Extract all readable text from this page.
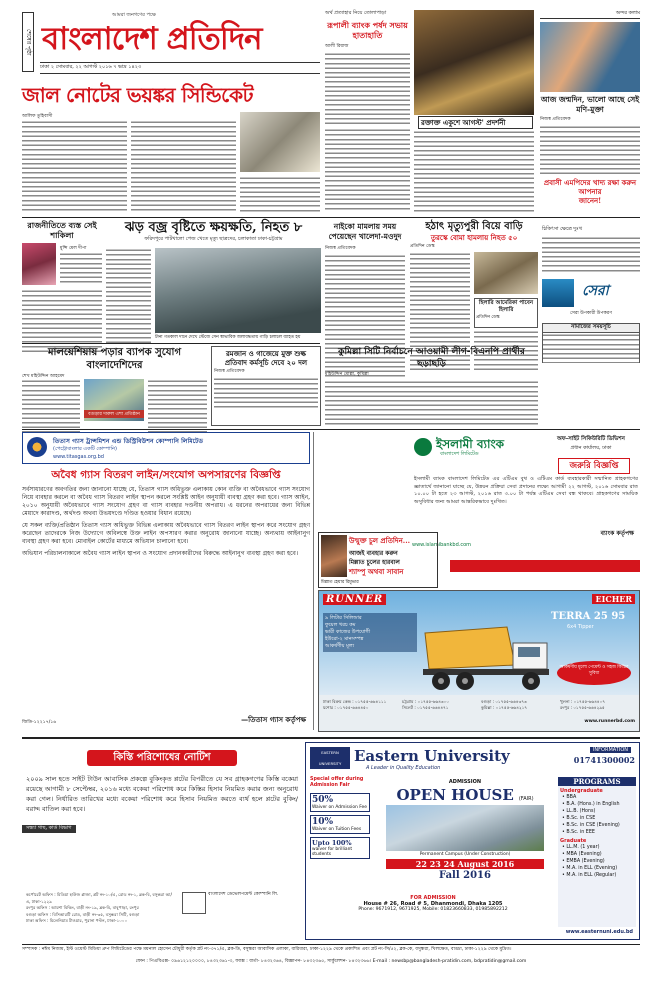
শেষের পৃষ্ঠা
আমরা জনগণের পক্ষে
বাংলাদেশ প্রতিদিন
ঢাকা ২ সোমবার, ২২ আগস্ট ২০১৬ ৭ ভাদ্র ১৪২৩
অর্থ প্রত্যাহার নিয়ে তোলাপাড়া
রূপালী ব্যাংক পর্ষদ সভায় হাতাহাতি
আলী রিয়াজ
রক্তাক্ত একুশে আগস্ট' প্রদর্শনী
অন্দর কলাম
আজ জন্মদিন, ভালো আছে সেই মণি-মুক্তা
নিজস্ব প্রতিবেদক
প্রবাসী এমপিদের খাদ্য রক্ষা করুন আপনার
জানেন!
জাল নোটের ভয়ঙ্কর সিন্ডিকেট
আলিফ তুহিবাসী
রাজনীতিতে ব্যস্ত সেই শাকিলা
মুন্সি মেল দীপা
ঝড় বজ্র বৃষ্টিতে ক্ষয়ক্ষতি, নিহত ৮
ফরিদপুরে পাটখালো পেজ খেতে মৃত্যু ছাত্রদের, চলাকাতা ঢাকা-চট্টগ্রাম
টানা গতকাল দানে দেখে স্টেজে সেন স্বাভাবিক জলাবদ্ধতায় গাড়ি চলাচল ব্যাহত হয়
নাইকো মামলায় সময় পেয়েছেন খালেদা-মওদুদ
নিজস্ব প্রতিবেদক
হঠাৎ মৃত্যুপুরী বিয়ে বাড়ি
তুরস্কে বোমা হামলায় নিহত ৫০
প্রতিদিন ডেস্ক
হিলারি আমেরিকা পাবেন হিলারি
প্রতিদিন ডেস্ক
চিকিৎসা ক্ষেত্রে দুঃখ
সেরা
সেরা উপকারী উপকরণ
নামাজের সময়সূচি
মালয়েশিয়ায় পড়ার ব্যাপক সুযোগ বাংলাদেশিদের
শেখ মহিউদ্দিন আহমেদ
বগুড়ার দারুল এশা প্রতিষ্ঠান
রমজান ও গাজেয়ে মুক্ত শুল্ক প্রতিবাদ কর্মসূচি দেবে ২০ দল
নিজস্ব প্রতিবেদক
কুমিল্লা সিটি নির্বাচনে আওয়ামী লীগ-বিএনপি প্রার্থীর ছড়াছড়ি
মহিউদ্দিন মোল্লা, কুমিল্লা
তিতাস গ্যাস ট্রান্সমিশন এন্ড ডিস্ট্রিবিউশন কোম্পানি লিমিটেড
(পেট্রোবাংলার একটি কোম্পানি)
www.titasgas.org.bd
অবৈধ গ্যাস বিতরণ লাইন/সংযোগ অপসারণের বিজ্ঞপ্তি
সর্বসাধারণের অবগতির জন্য জানানো যাচ্ছে যে, তিতাস গ্যাস অধিভুক্ত এলাকায় কোন ব্যক্তি বা অবৈধভাবে গ্যাস সংযোগ নিয়ে ব্যবহার করলে বা অবৈধ গ্যাস বিতরণ লাইন স্থাপন করলে সংশ্লিষ্ট আইন অনুযায়ী ব্যবস্থা গ্রহণ করা হবে। গ্যাস আইন, ২০১০ অনুযায়ী অবৈধভাবে গ্যাস সংযোগ গ্রহণ বা গ্যাস ব্যবহার দণ্ডনীয় অপরাধ। এ ধরনের অপরাধের জন্য বিভিন্ন মেয়াদে কারাদণ্ড, অর্থদণ্ড অথবা উভয়দণ্ডে দণ্ডিত হওয়ার বিধান রয়েছে।
যে সকল ব্যক্তি/প্রতিষ্ঠান তিতাস গ্যাস অধিভুক্ত বিভিন্ন এলাকায় অবৈধভাবে গ্যাস বিতরণ লাইন স্থাপন করে সংযোগ গ্রহণ করেছেন তাদেরকে নিজ উদ্যোগে অবিলম্বে উক্ত লাইন অপসারণ করার অনুরোধ জানানো যাচ্ছে। অন্যথায় আইনানুগ ব্যবস্থা গ্রহণ করা হবে। মোবাইল কোর্টের মাধ্যমে অভিযান চালানো হবে।
অভিযান পরিচালনাকালে অবৈধ গ্যাস লাইন স্থাপন ও সংযোগ প্রদানকারীদের বিরুদ্ধে আইনানুগ ব্যবস্থা গ্রহণ করা হবে।
জিডি-১২২১৭/১৬	—তিতাস গ্যাস কর্তৃপক্ষ
ইসলামী ব্যাংক
বাংলাদেশ লিমিটেড
অফ-সাইট সিকিউরিটি ডিভিশন
প্রধান কার্যালয়, ঢাকা
জরুরি বিজ্ঞপ্তি
ইসলামী ব্যাংক বাংলাদেশ লিমিটেড এর এটিএম বুথ ও এটিএম কার্ড ব্যবহারকারী সম্মানিত গ্রাহকগণের জ্ঞাতার্থে জানানো যাচ্ছে যে, উন্নয়ন প্রক্রিয়া সেবা প্রদানের লক্ষ্যে আগামী ২২ আগস্ট, ২০১৬ সোমবার রাত ১০.০০ টা হতে ২৩ আগস্ট, ২০১৬ রাত ৩.০০ টা পর্যন্ত এটিএম সেবা বন্ধ থাকবে। গ্রাহকগণের সাময়িক অসুবিধার জন্য আমরা আন্তরিকভাবে দুঃখিত।
ব্যাংক কর্তৃপক্ষ
www.islamibankbd.com
উন্মুক্ত চুল প্রতিদিন...
আজই ব্যবহার করুন
মিল্লাত চুলের হারবাল
শ্যাম্পু অথবা সাবান
মিল্লাত হেয়ার রিমুভার
RUNNER	EICHER
TERRA 25 95
6x4 Tipper
৯ লিটার সিলিন্ডার
ফুয়েল খরচ কম
ভারী কাজের উপযোগী
ইউরো-২ মানসম্পন্ন
আকর্ষণীয় মূল্য
আকর্ষণীয় মূল্যে পেমেন্ট ও সহজ কিস্তির সুবিধা
ঢাকা বিক্রয় কেন্দ্র : ০১৭৫৫-৬৬৪১১১	চট্টগ্রাম : ০১৭৫৫-৬৬৪৩০০	বগুড়া : ০১৭৫৫-৬৬৪৩৭৩	খুলনা : ০১৭৫৫-৬৬৪৪০৭
যশোর : ০১৭৫৫-৬৬৪৪৫০	সিলেট : ০১৭৫৫-৬৬৪৪৭১	কুমিল্লা : ০১৭৫৫-৬৬৪২১৭	রংপুর : ০১৭৫৫-৬৬৪২৯৫
www.runnerbd.com
কিস্তি পরিশোধের নোটিশ
২০০৯ সাল হতে সাইট টাউন আবাসিক প্রকল্পে বুকিংকৃত প্লটের বিপরীতে যে সব গ্রাহকগণের কিস্তি বকেয়া রয়েছে আগামী ৮ সেপ্টেম্বর, ২০১৬ মধ্যে বকেয়া পরিশোধ করে কিস্তির হিসাব নিয়মিত করার জন্য অনুরোধ করা গেল। নির্ধারিত তারিখের মধ্যে বকেয়া পরিশোধ করে হিসাব নিয়মিত করতে ব্যর্থ হলে প্লটের বুকিং/বরাদ্দ বাতিল করা হবে।
সন্ধ্যা গাছ, কার্ড বিভাগ
কর্পোরেট অফিস : মিডিয়া হাউজ প্লাজা, প্লট নং-১০/এ, রোড নং-১, ব্লক-বি, বসুন্ধরা আ/এ, ঢাকা-১২২৯
রংপুর অফিস : আয়শা বিল্ডিং, বাড়ী নং-১৯, ব্লক-বি, বাবুপাড়া, রংপুর
বগুড়া অফিস : বিসিআরটি রোড, বাড়ী নং-৩৫, বসুন্ধরা সিটি, বগুড়া
ঢাকা অফিস : মিলেনিয়াম টাওয়ার, পুরানা পল্টন, ঢাকা-১০০০
বাংলাদেশ ডেভেলপমেন্ট কোম্পানি লি.
EASTERN UNIVERSITY Eastern University
A Leader in Quality Education
INFORMATION
01741300002
Special offer during Admission Fair
50%
Waiver on Admission Fee
10%
Waiver on Tuition Fees
Upto 100%
waiver for brilliant students
ADMISSION
OPEN HOUSE (FAIR)
Permanent Campus (Under Construction)
22 23 24 August 2016
Fall 2016
PROGRAMS
Undergraduate
• BBA
• B.A. (Hons.) in English
• LL.B. (Hons)
• B.Sc. in CSE
• B.Sc. in CSE (Evening)
• B.Sc. in EEE
Graduate
• LL.M. (1 year)
• MBA (Evening)
• EMBA (Evening)
• M.A. in ELL (Evening)
• M.A. in ELL (Regular)
FOR ADMISSION
House # 26, Road # 5, Dhanmondi, Dhaka 1205
Phone: 9671912, 9671925, Mobile: 01823660833, 01985892212
www.easternuni.edu.bd
সম্পাদক : নঈম নিজাম, ইস্ট ওয়েস্ট মিডিয়া গ্রুপ লিমিটেডের পক্ষে ময়নাল হোসেন চৌধুরী কর্তৃক প্লট নং-৩৭১/এ, ব্লক-ডি, বসুন্ধরা আবাসিক এলাকা, বারিধারা, ঢাকা-১২২৯ থেকে প্রকাশিত এবং প্লট নং-সি/৫২, ব্লক-কে, বসুন্ধরা, খিলক্ষেত, বাড্ডা, ঢাকা-১২২৯ থেকে মুদ্রিত।
ফোন : পিএবিএক্স- ০৯৬১২১২০০০০, ৮৪৩২৩৬১-৩, ফ্যাক্স : বার্তা- ৮৪৩২৩৬৪, বিজ্ঞাপন- ৮৪৩২৩৬৫, সার্কুলেশন- ৮৪৩২৩৬৬। E-mail : newsbp@bangladesh-pratidin.com, bdpratidin@gmail.com
